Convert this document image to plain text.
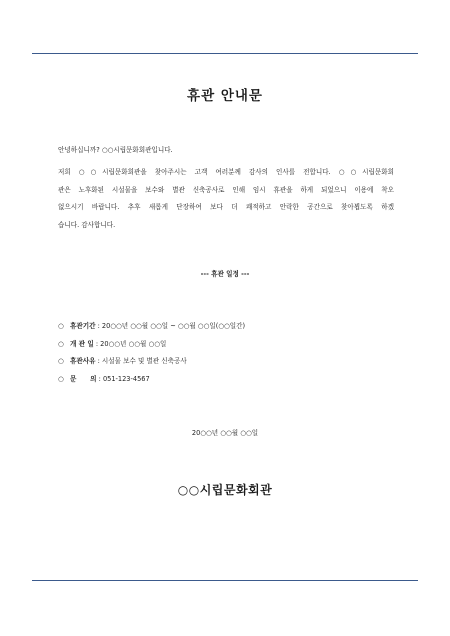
휴관 안내문
안녕하십니까? ○○시립문화회관입니다.
저희 ○○시립문화회관을 찾아주시는 고객 여러분께 감사의 인사를 전합니다. ○○시립문화회
관은 노후화된 시설물을 보수와 별관 신축공사로 인해 임시 휴관을 하게 되었으니 이용에 착오
없으시기 바랍니다. 추후 새롭게 단장하여 보다 더 쾌적하고 안락한 공간으로 찾아뵙도록 하겠
습니다. 감사합니다.
--- 휴관 일정 ---
○ 휴관기간 : 20○○년 ○○월 ○○일 ~ ○○월 ○○일(○○일간)
○ 개 관 일 : 20○○년 ○○월 ○○일
○ 휴관사유 : 시설물 보수 및 별관 신축공사
○ 문      의 : 051-123-4567
20○○년 ○○월 ○○일
○○시립문화회관
